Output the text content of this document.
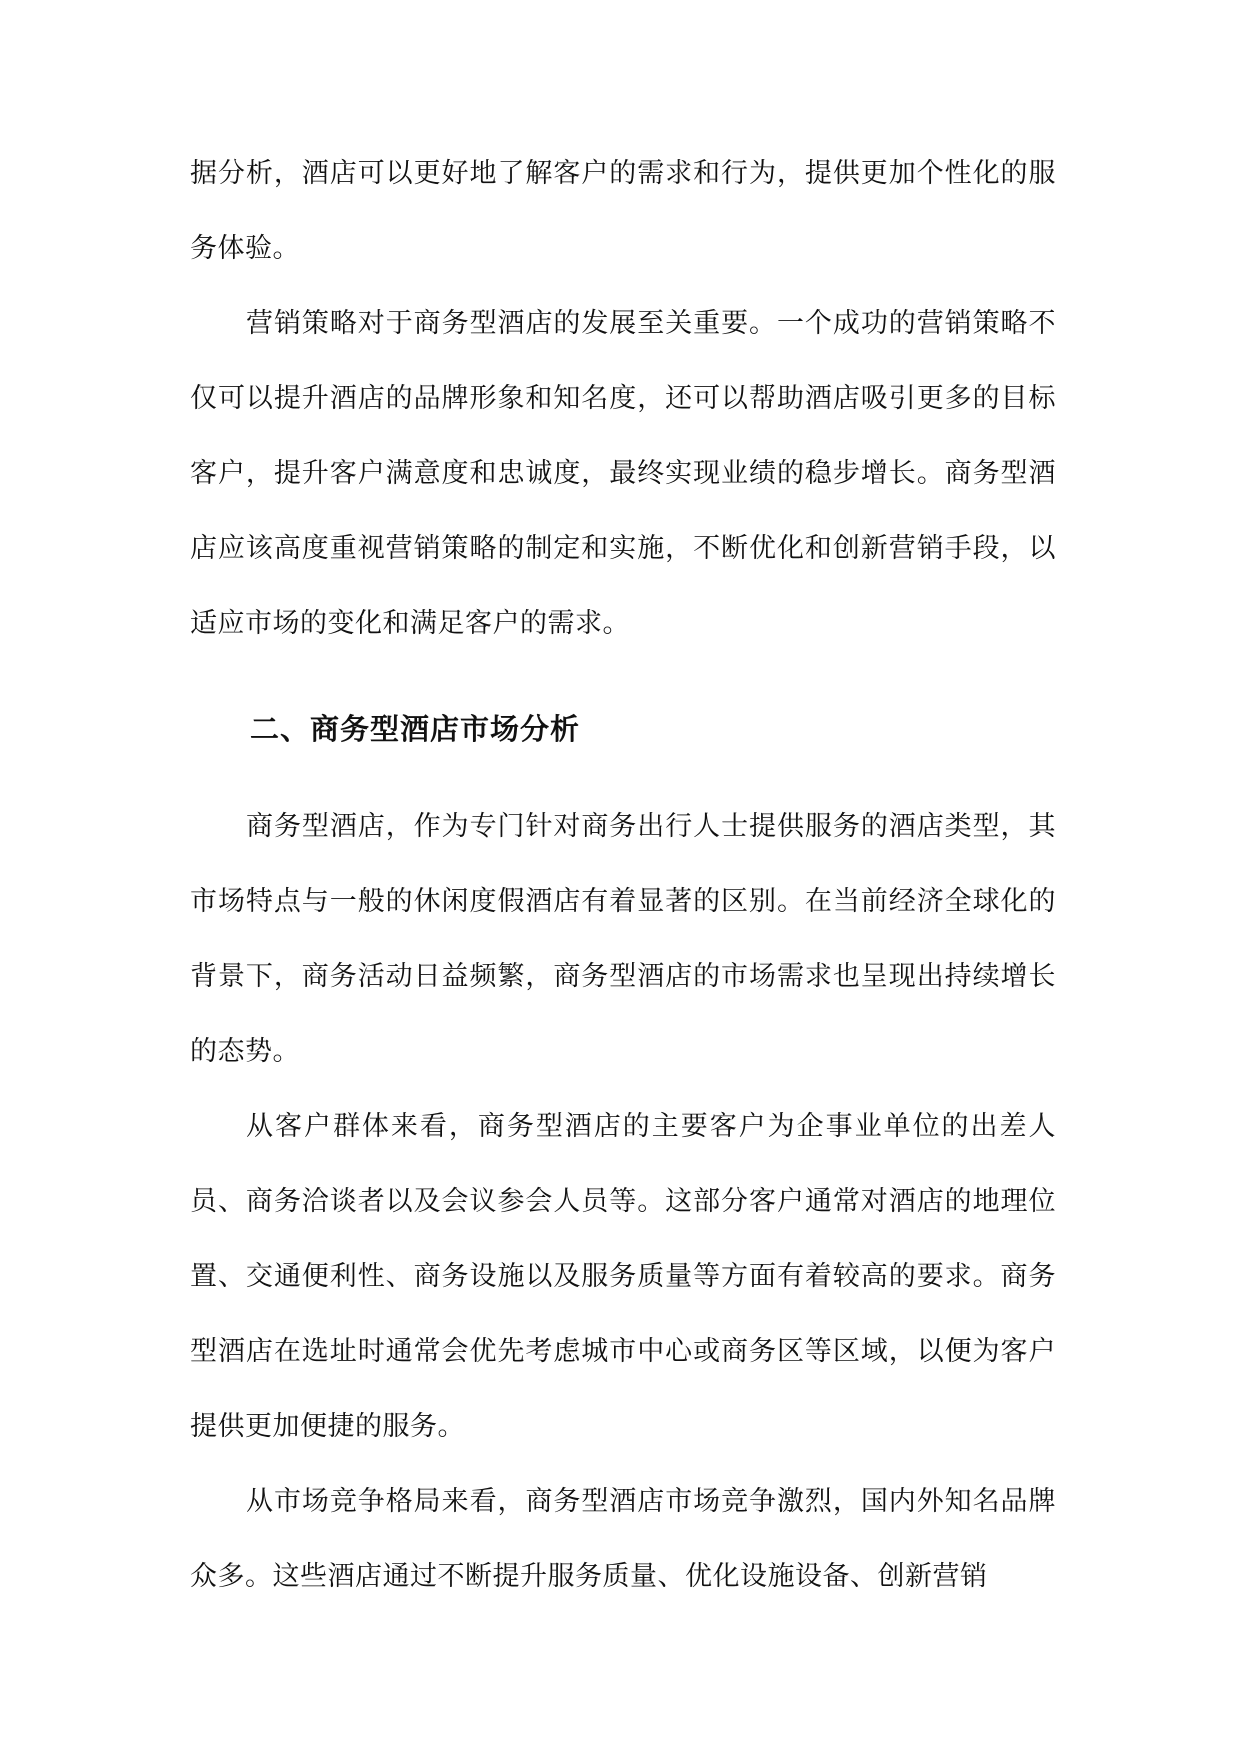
据分析，酒店可以更好地了解客户的需求和行为，提供更加个性化的服务体验。

营销策略对于商务型酒店的发展至关重要。一个成功的营销策略不仅可以提升酒店的品牌形象和知名度，还可以帮助酒店吸引更多的目标客户，提升客户满意度和忠诚度，最终实现业绩的稳步增长。商务型酒店应该高度重视营销策略的制定和实施，不断优化和创新营销手段，以适应市场的变化和满足客户的需求。

二、商务型酒店市场分析

商务型酒店，作为专门针对商务出行人士提供服务的酒店类型，其市场特点与一般的休闲度假酒店有着显著的区别。在当前经济全球化的背景下，商务活动日益频繁，商务型酒店的市场需求也呈现出持续增长的态势。

从客户群体来看，商务型酒店的主要客户为企事业单位的出差人员、商务洽谈者以及会议参会人员等。这部分客户通常对酒店的地理位置、交通便利性、商务设施以及服务质量等方面有着较高的要求。商务型酒店在选址时通常会优先考虑城市中心或商务区等区域，以便为客户提供更加便捷的服务。

从市场竞争格局来看，商务型酒店市场竞争激烈，国内外知名品牌众多。这些酒店通过不断提升服务质量、优化设施设备、创新营销
